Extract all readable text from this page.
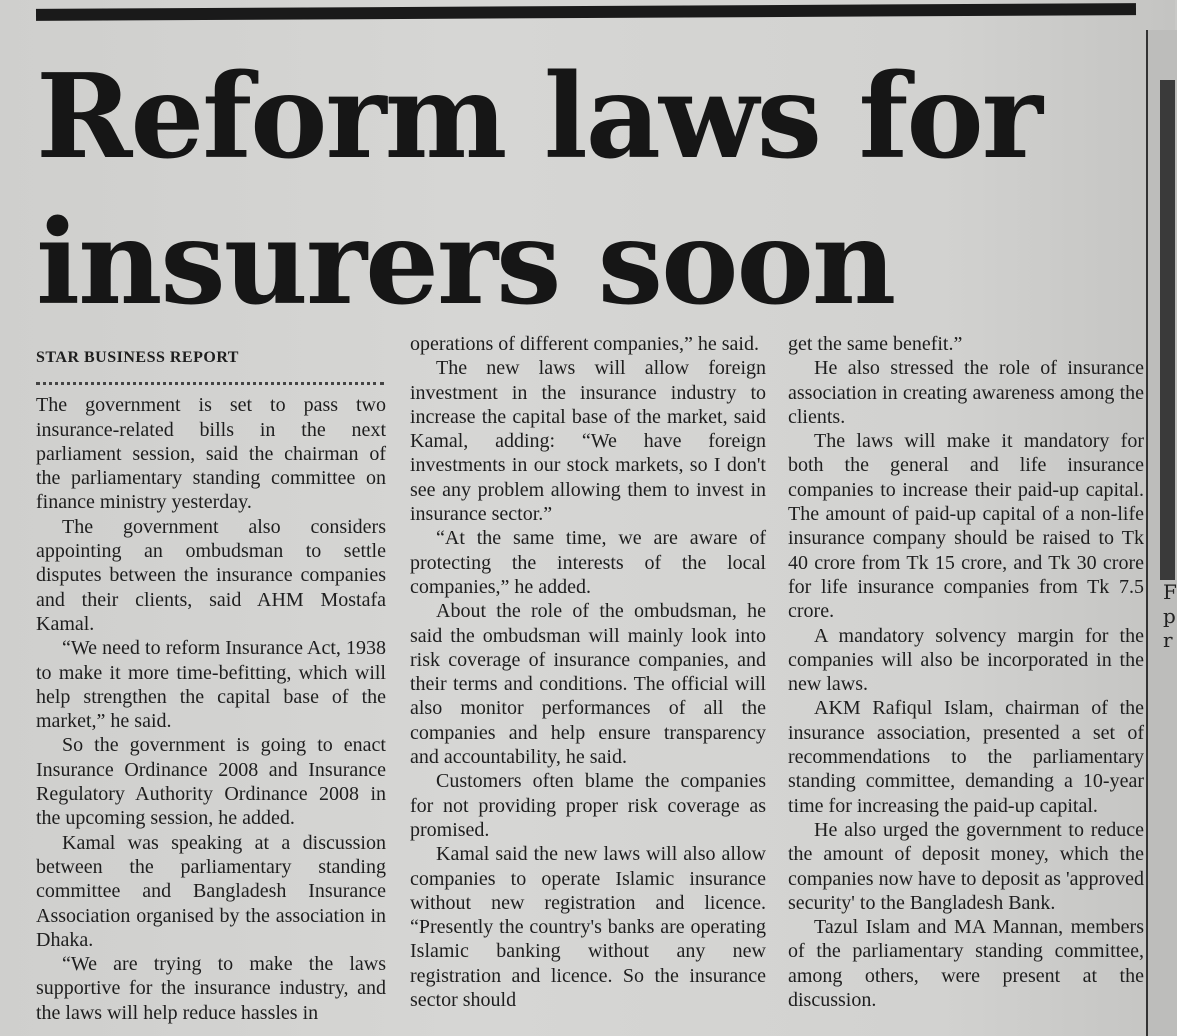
F
p
r
Reform laws for insurers soon
STAR BUSINESS REPORT

The government is set to pass two insurance-related bills in the next parliament session, said the chairman of the parliamentary standing committee on finance ministry yesterday.

The government also considers appointing an ombudsman to settle disputes between the insurance companies and their clients, said AHM Mostafa Kamal.

“We need to reform Insurance Act, 1938 to make it more time-befitting, which will help strengthen the capital base of the market,” he said.

So the government is going to enact Insurance Ordinance 2008 and Insurance Regulatory Authority Ordinance 2008 in the upcoming session, he added.

Kamal was speaking at a discussion between the parliamentary standing committee and Bangladesh Insurance Association organised by the association in Dhaka.

“We are trying to make the laws supportive for the insurance industry, and the laws will help reduce hassles in

operations of different companies,” he said.

The new laws will allow foreign investment in the insurance industry to increase the capital base of the market, said Kamal, adding: “We have foreign investments in our stock markets, so I don't see any problem allowing them to invest in insurance sector.”

“At the same time, we are aware of protecting the interests of the local companies,” he added.

About the role of the ombudsman, he said the ombudsman will mainly look into risk coverage of insurance companies, and their terms and conditions. The official will also monitor performances of all the companies and help ensure transparency and accountability, he said.

Customers often blame the companies for not providing proper risk coverage as promised.

Kamal said the new laws will also allow companies to operate Islamic insurance without new registration and licence. “Presently the country's banks are operating Islamic banking without any new registration and licence. So the insurance sector should

get the same benefit.”

He also stressed the role of insurance association in creating awareness among the clients.

The laws will make it mandatory for both the general and life insurance companies to increase their paid-up capital. The amount of paid-up capital of a non-life insurance company should be raised to Tk 40 crore from Tk 15 crore, and Tk 30 crore for life insurance companies from Tk 7.5 crore.

A mandatory solvency margin for the companies will also be incorporated in the new laws.

AKM Rafiqul Islam, chairman of the insurance association, presented a set of recommendations to the parliamentary standing committee, demanding a 10-year time for increasing the paid-up capital.

He also urged the government to reduce the amount of deposit money, which the companies now have to deposit as 'approved security' to the Bangladesh Bank.

Tazul Islam and MA Mannan, members of the parliamentary standing committee, among others, were present at the discussion.
